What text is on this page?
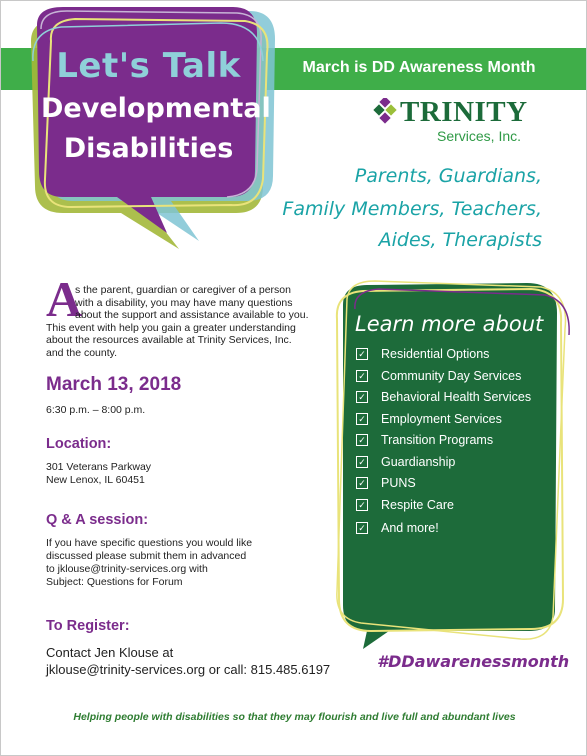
Let's Talk
Developmental
Disabilities
March is DD Awareness Month
TRINITY
Services, Inc.
Parents, Guardians,
Family Members, Teachers,
Aides, Therapists
A
s the parent, guardian or caregiver of a person
with a disability, you may have many questions
about the support and assistance available to you.
This event with help you gain a greater understanding
about the resources available at Trinity Services, Inc.
and the county.
March 13, 2018
6:30 p.m. – 8:00 p.m.
Location:
301 Veterans Parkway
New Lenox, IL 60451
Q & A session:
If you have specific questions you would like
discussed please submit them in advanced
to jklouse@trinity-services.org with
Subject: Questions for Forum
To Register:
Contact Jen Klouse at
jklouse@trinity-services.org or call: 815.485.6197
Learn more about
✓ Residential Options
✓ Community Day Services
✓ Behavioral Health Services
✓ Employment Services
✓ Transition Programs
✓ Guardianship
✓ PUNS
✓ Respite Care
✓ And more!
#DDawarenessmonth
Helping people with disabilities so that they may flourish and live full and abundant lives
